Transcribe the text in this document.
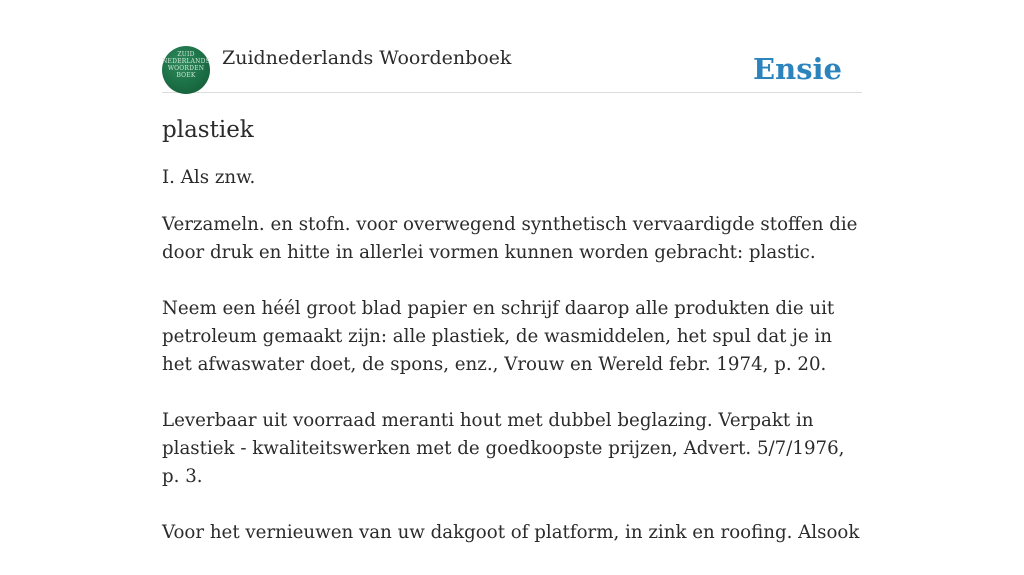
ZUID
NEDERLANDS
WOORDEN
BOEK
Zuidnederlands Woordenboek	Ensie
plastiek

I. Als znw.

Verzameln. en stofn. voor overwegend synthetisch vervaardigde stoffen die door druk en hitte in allerlei vormen kunnen worden gebracht: plastic.

Neem een héél groot blad papier en schrijf daarop alle produkten die uit petroleum gemaakt zijn: alle plastiek, de wasmiddelen, het spul dat je in het afwaswater doet, de spons, enz., Vrouw en Wereld febr. 1974, p. 20.

Leverbaar uit voorraad meranti hout met dubbel beglazing. Verpakt in plastiek - kwaliteitswerken met de goedkoopste prijzen, Advert. 5/7/1976, p. 3.

Voor het vernieuwen van uw dakgoot of platform, in zink en roofing. Alsook
